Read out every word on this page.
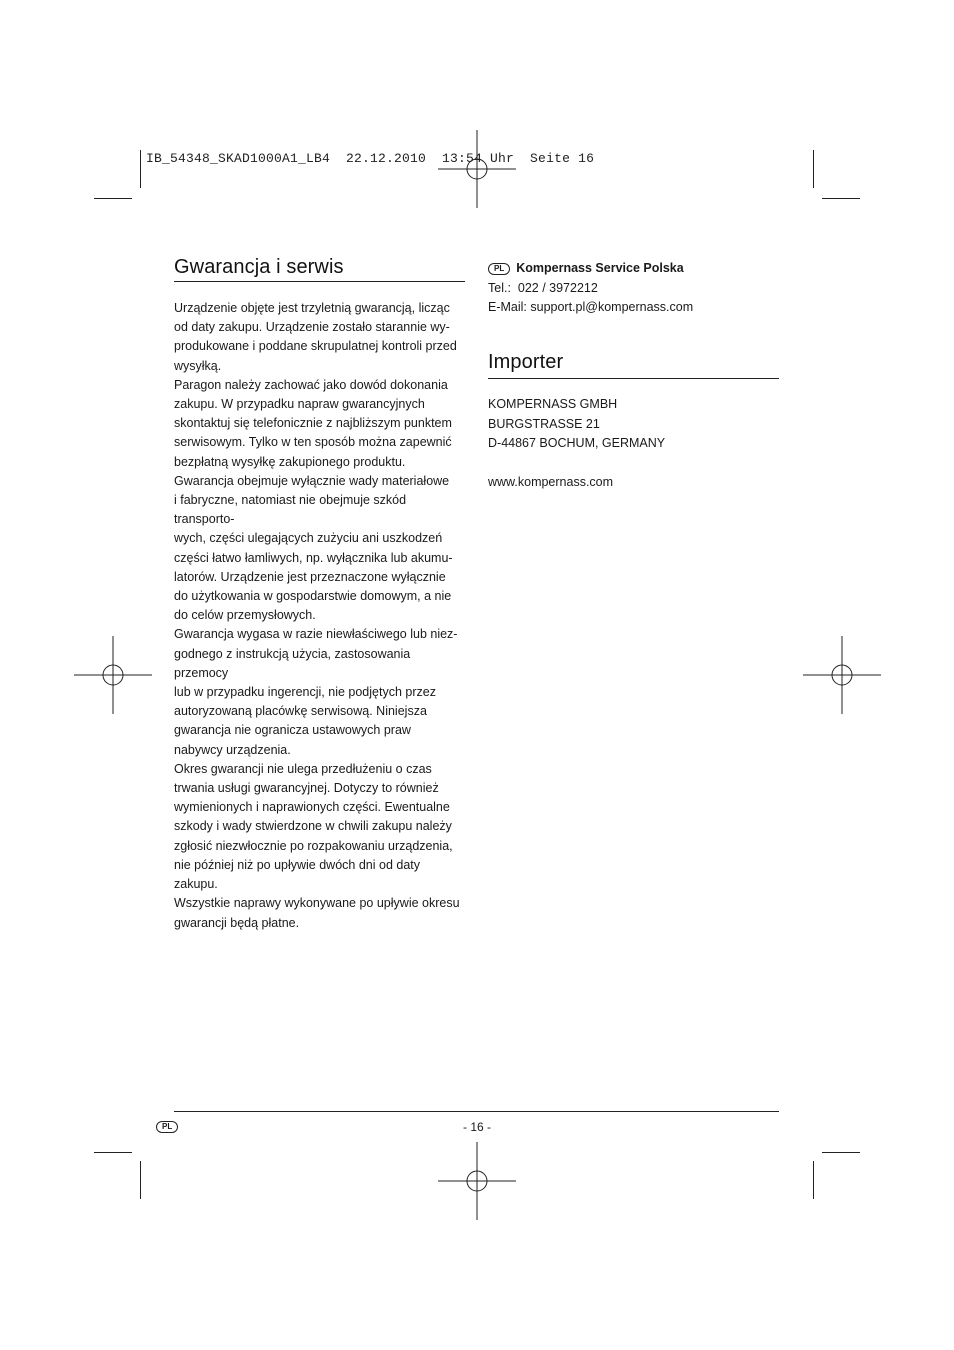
IB_54348_SKAD1000A1_LB4  22.12.2010  13:54 Uhr  Seite 16
Gwarancja i serwis

Urządzenie objęte jest trzyletnią gwarancją, licząc

od daty zakupu. Urządzenie zostało starannie wy-

produkowane i poddane skrupulatnej kontroli przed

wysyłką.

Paragon należy zachować jako dowód dokonania

zakupu. W przypadku napraw gwarancyjnych

skontaktuj się telefonicznie z najbliższym punktem

serwisowym. Tylko w ten sposób można zapewnić

bezpłatną wysyłkę zakupionego produktu.

Gwarancja obejmuje wyłącznie wady materiałowe

i fabryczne, natomiast nie obejmuje szkód transporto-

wych, części ulegających zużyciu ani uszkodzeń

części łatwo łamliwych, np. wyłącznika lub akumu-

latorów. Urządzenie jest przeznaczone wyłącznie

do użytkowania w gospodarstwie domowym, a nie

do celów przemysłowych.

Gwarancja wygasa w razie niewłaściwego lub niez-

godnego z instrukcją użycia, zastosowania przemocy

lub w przypadku ingerencji, nie podjętych przez

autoryzowaną placówkę serwisową. Niniejsza

gwarancja nie ogranicza ustawowych praw

nabywcy urządzenia.

Okres gwarancji nie ulega przedłużeniu o czas

trwania usługi gwarancyjnej. Dotyczy to również

wymienionych i naprawionych części. Ewentualne

szkody i wady stwierdzone w chwili zakupu należy

zgłosić niezwłocznie po rozpakowaniu urządzenia,

nie później niż po upływie dwóch dni od daty zakupu.

Wszystkie naprawy wykonywane po upływie okresu

gwarancji będą płatne.

PL Kompernass Service Polska
Tel.:  022 / 3972212
E-Mail: support.pl@kompernass.com
Importer
KOMPERNASS GMBH
BURGSTRASSE 21
D-44867 BOCHUM, GERMANY
www.kompernass.com
PL	- 16 -
